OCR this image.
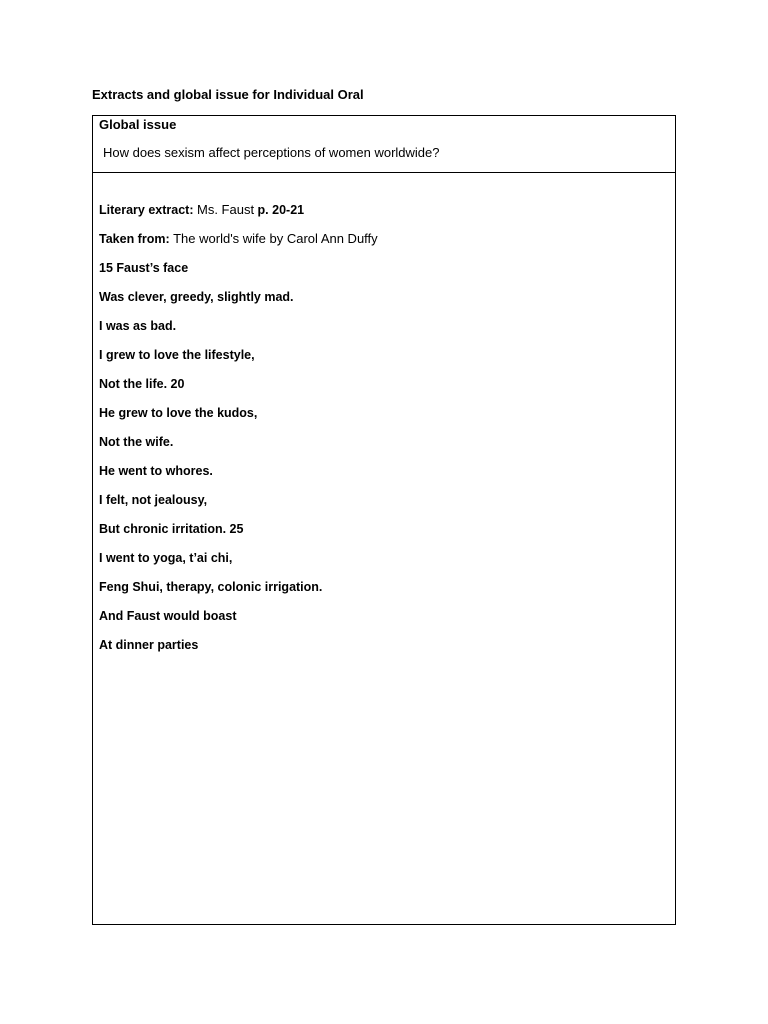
Extracts and global issue for Individual Oral
Global issue
How does sexism affect perceptions of women worldwide?
Literary extract: Ms. Faust p. 20-21
Taken from: The world's wife by Carol Ann Duffy
15 Faust’s face
Was clever, greedy, slightly mad.
I was as bad.
I grew to love the lifestyle,
Not the life. 20
He grew to love the kudos,
Not the wife.
He went to whores.
I felt, not jealousy,
But chronic irritation. 25
I went to yoga, t’ai chi,
Feng Shui, therapy, colonic irrigation.
And Faust would boast
At dinner parties
